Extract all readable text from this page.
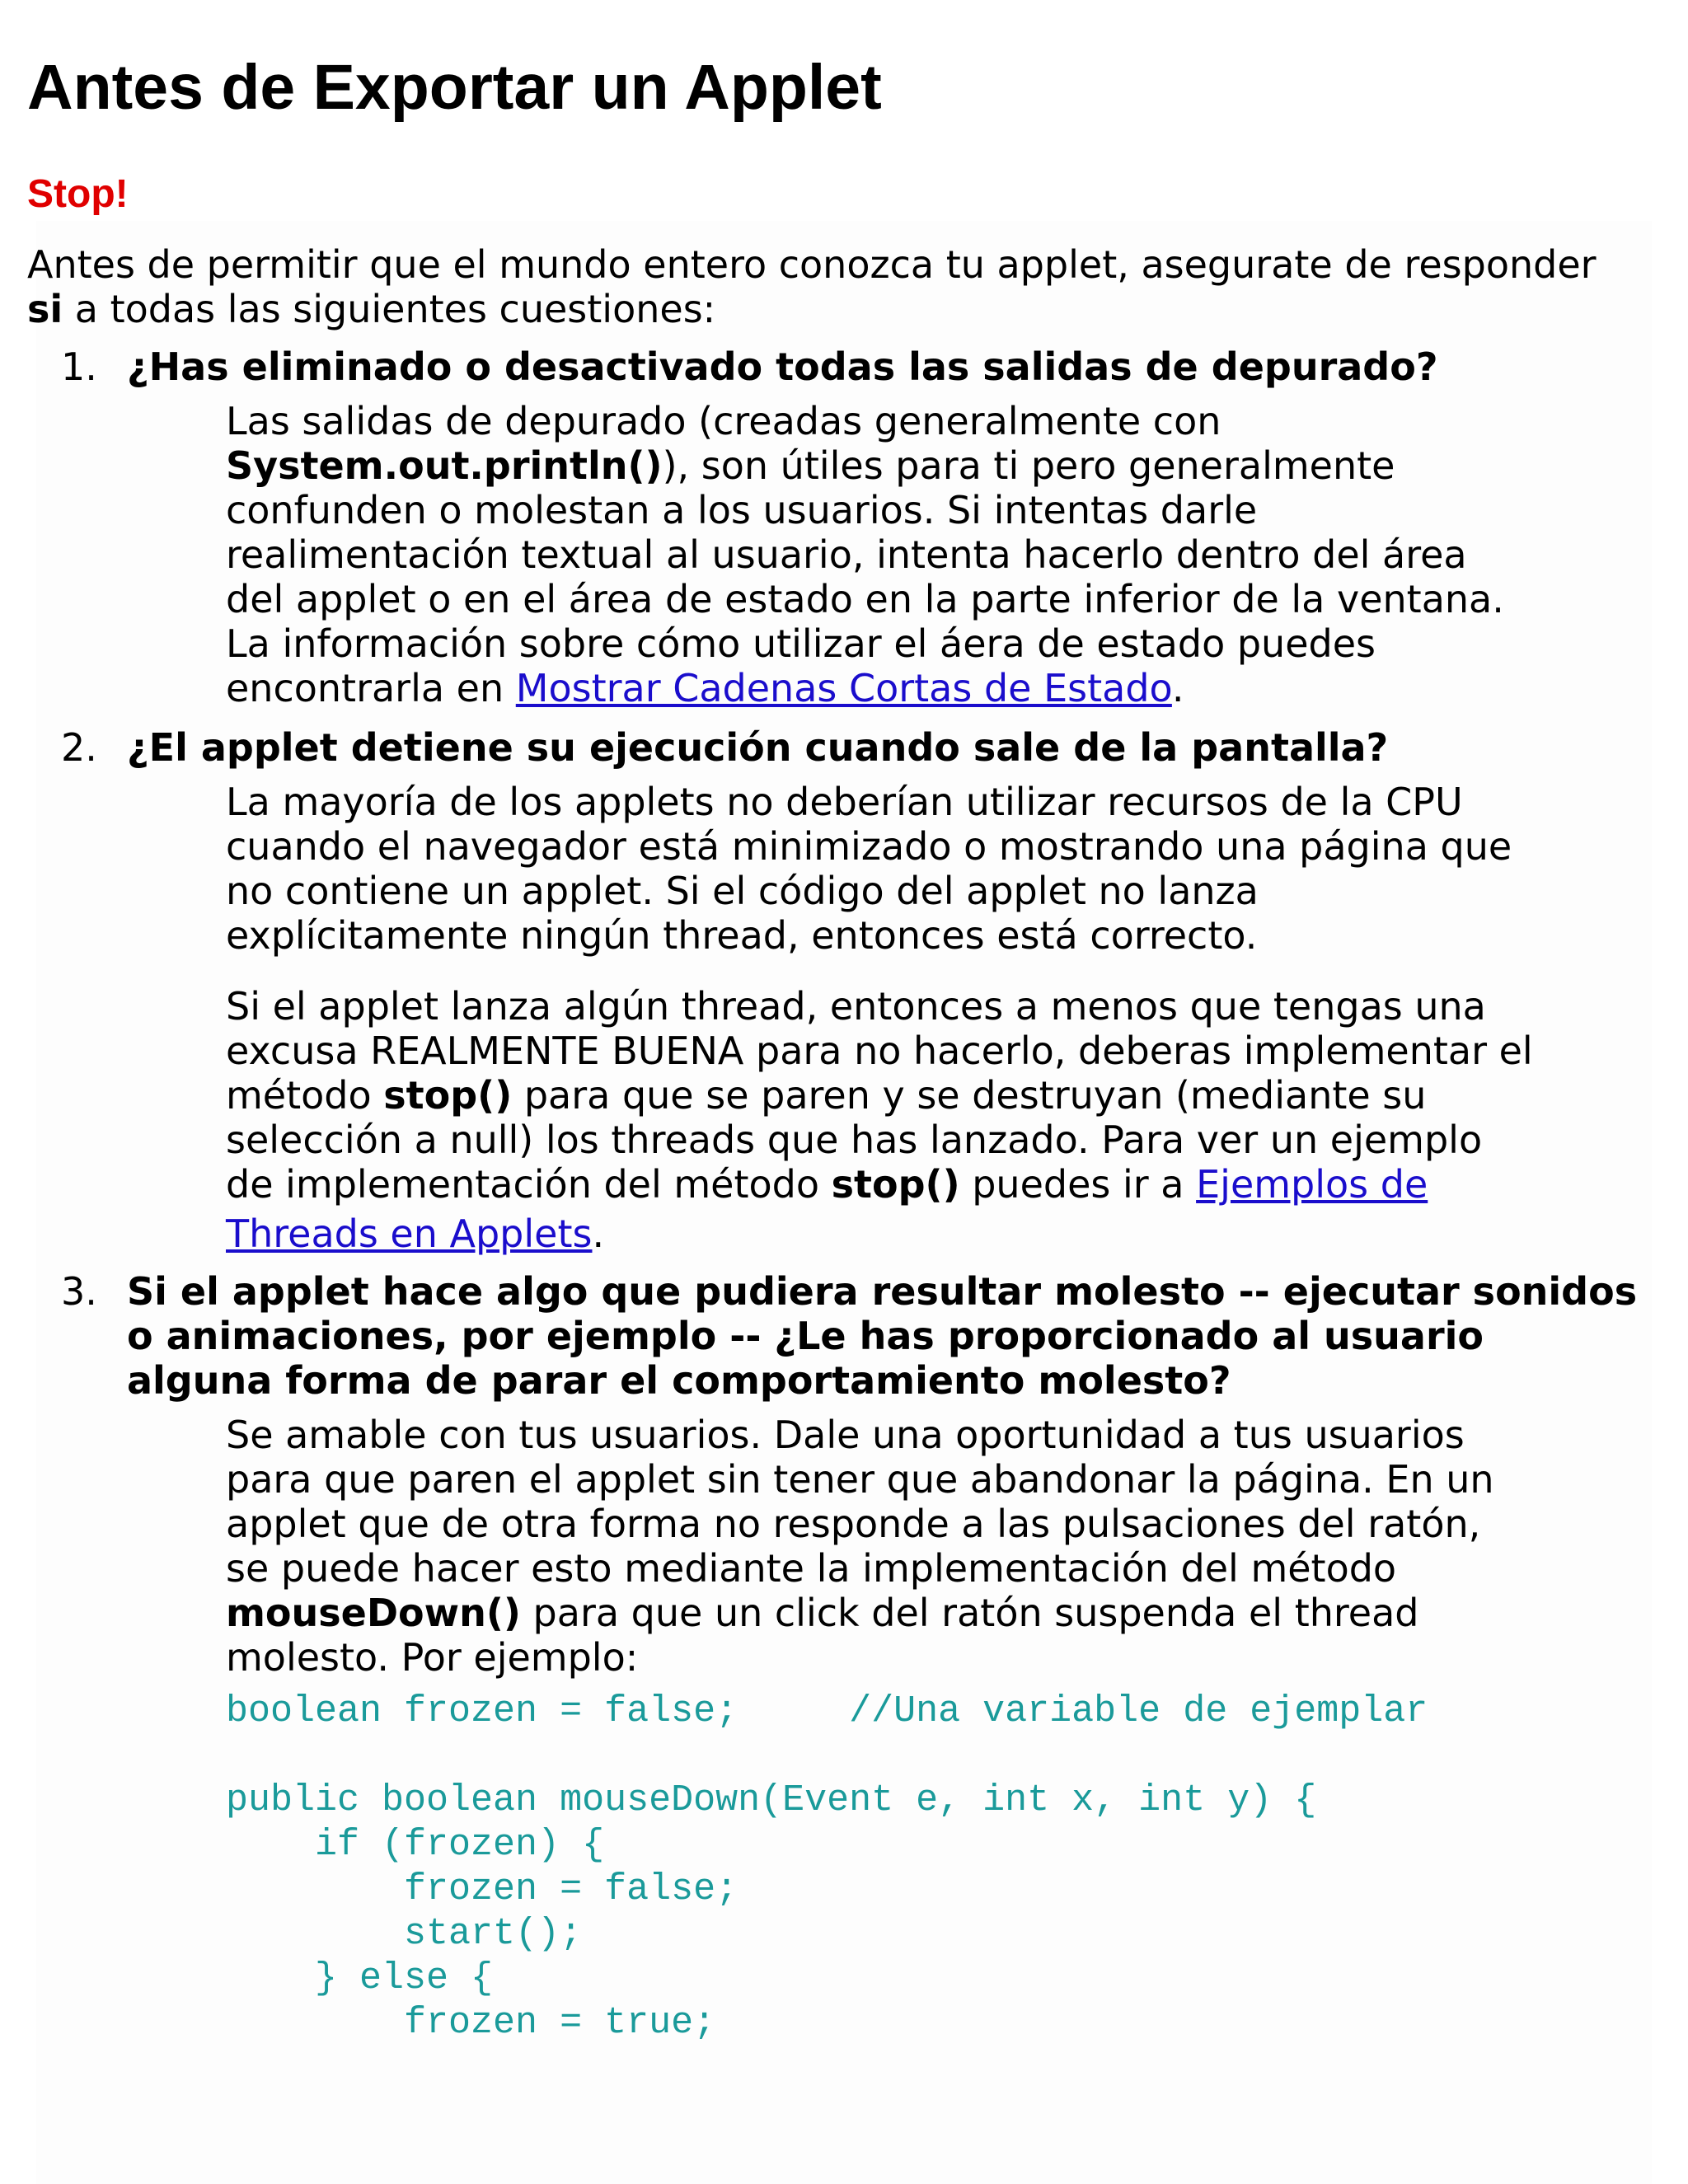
Antes de Exportar un Applet
Stop!

Antes de permitir que el mundo entero conozca tu applet, asegurate de responder

si a todas las siguientes cuestiones:

1. ¿Has eliminado o desactivado todas las salidas de depurado?

Las salidas de depurado (creadas generalmente con

System.out.println()), son útiles para ti pero generalmente

confunden o molestan a los usuarios. Si intentas darle

realimentación textual al usuario, intenta hacerlo dentro del área

del applet o en el área de estado en la parte inferior de la ventana.

La información sobre cómo utilizar el áera de estado puedes

encontrarla en Mostrar Cadenas Cortas de Estado.

2. ¿El applet detiene su ejecución cuando sale de la pantalla?

La mayoría de los applets no deberían utilizar recursos de la CPU

cuando el navegador está minimizado o mostrando una página que

no contiene un applet. Si el código del applet no lanza

explícitamente ningún thread, entonces está correcto.

Si el applet lanza algún thread, entonces a menos que tengas una

excusa REALMENTE BUENA para no hacerlo, deberas implementar el

método stop() para que se paren y se destruyan (mediante su

selección a null) los threads que has lanzado. Para ver un ejemplo

de implementación del método stop() puedes ir a Ejemplos de

Threads en Applets.

3. Si el applet hace algo que pudiera resultar molesto -- ejecutar sonidos
o animaciones, por ejemplo -- ¿Le has proporcionado al usuario
alguna forma de parar el comportamiento molesto?

Se amable con tus usuarios. Dale una oportunidad a tus usuarios

para que paren el applet sin tener que abandonar la página. En un

applet que de otra forma no responde a las pulsaciones del ratón,

se puede hacer esto mediante la implementación del método

mouseDown() para que un click del ratón suspenda el thread

molesto. Por ejemplo:

boolean frozen = false;     //Una variable de ejemplar
public boolean mouseDown(Event e, int x, int y) {
if (frozen) {
frozen = false;
start();
} else {
frozen = true;
